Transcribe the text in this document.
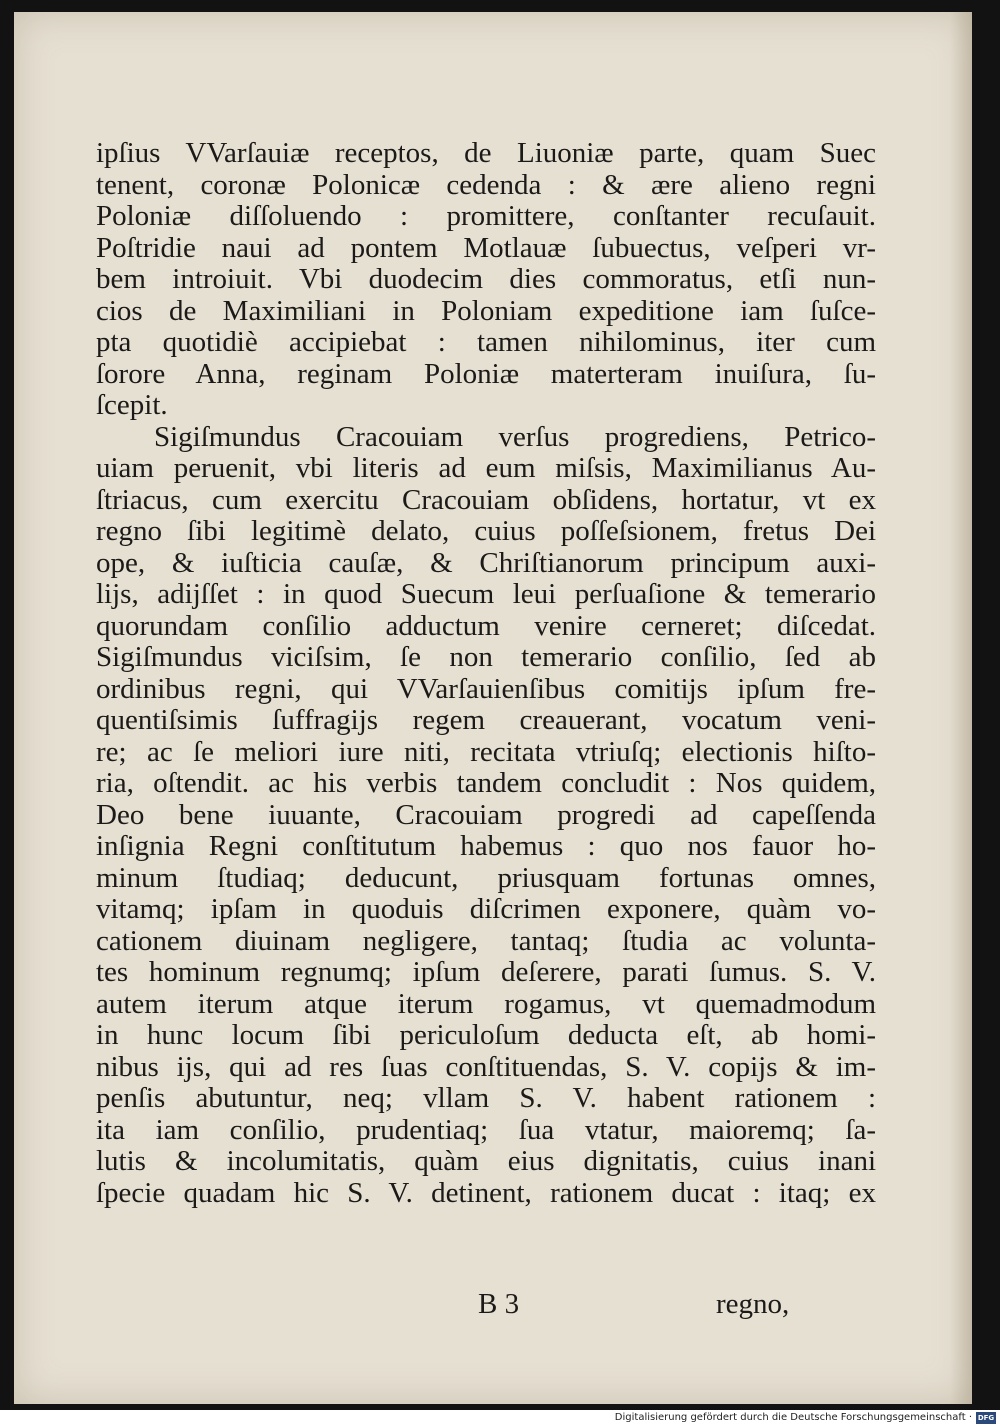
ipſius VVarſauiæ receptos, de Liuoniæ parte, quam Suec
tenent, coronæ Polonicæ cedenda : & ære alieno regni
Poloniæ diſſoluendo : promittere, conſtanter recuſauit.
Poſtridie naui ad pontem Motlauæ ſubuectus, veſperi vr-
bem introiuit. Vbi duodecim dies commoratus, etſi nun-
cios de Maximiliani in Poloniam expeditione iam ſuſce-
pta quotidiè accipiebat : tamen nihilominus, iter cum
ſorore Anna, reginam Poloniæ materteram inuiſura, ſu-
ſcepit.
Sigiſmundus Cracouiam verſus progrediens, Petrico-
uiam peruenit, vbi literis ad eum miſsis, Maximilianus Au-
ſtriacus, cum exercitu Cracouiam obſidens, hortatur, vt ex
regno ſibi legitimè delato, cuius poſſeſsionem, fretus Dei
ope, & iuſticia cauſæ, & Chriſtianorum principum auxi-
lijs, adijſſet : in quod Suecum leui perſuaſione & temerario
quorundam conſilio adductum venire cerneret; diſcedat.
Sigiſmundus viciſsim, ſe non temerario conſilio, ſed ab
ordinibus regni, qui VVarſauienſibus comitijs ipſum fre-
quentiſsimis ſuffragijs regem creauerant, vocatum veni-
re; ac ſe meliori iure niti, recitata vtriuſq; electionis hiſto-
ria, oſtendit. ac his verbis tandem concludit : Nos quidem,
Deo bene iuuante, Cracouiam progredi ad capeſſenda
inſignia Regni conſtitutum habemus : quo nos fauor ho-
minum ſtudiaq; deducunt, priusquam fortunas omnes,
vitamq; ipſam in quoduis diſcrimen exponere, quàm vo-
cationem diuinam negligere, tantaq; ſtudia ac volunta-
tes hominum regnumq; ipſum deſerere, parati ſumus. S. V.
autem iterum atque iterum rogamus, vt quemadmodum
in hunc locum ſibi periculoſum deducta eſt, ab homi-
nibus ijs, qui ad res ſuas conſtituendas, S. V. copijs & im-
penſis abutuntur, neq; vllam S. V. habent rationem :
ita iam conſilio, prudentiaq; ſua vtatur, maioremq; ſa-
lutis & incolumitatis, quàm eius dignitatis, cuius inani
ſpecie quadam hic S. V. detinent, rationem ducat : itaq; ex
B 3	regno,
Digitalisierung gefördert durch die Deutsche Forschungsgemeinschaft · DFG
